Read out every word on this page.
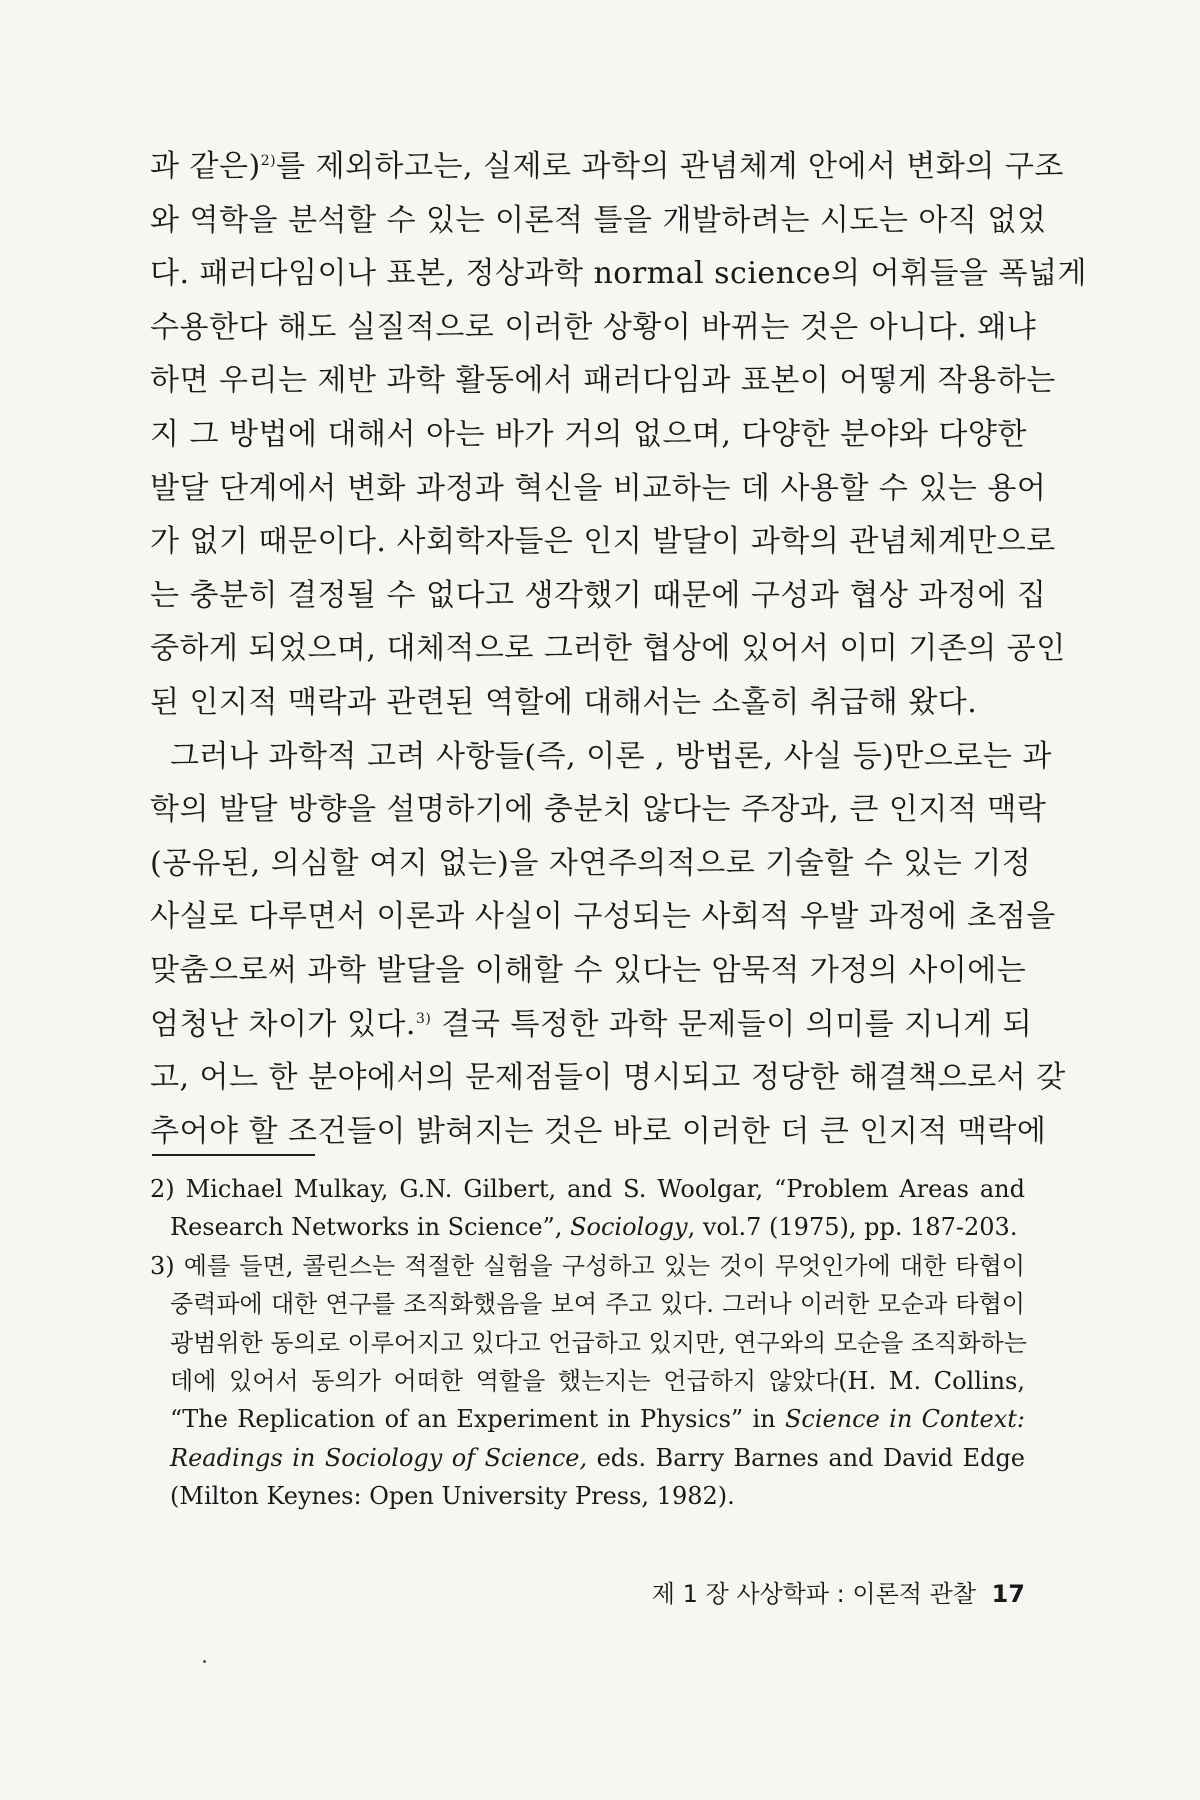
과 같은)$^{2)}$를 제외하고는, 실제로 과학의 관념체계 안에서 변화의 구조
와 역학을 분석할 수 있는 이론적 틀을 개발하려는 시도는 아직 없었
다. 패러다임이나 표본, 정상과학 normal science의 어휘들을 폭넓게
수용한다 해도 실질적으로 이러한 상황이 바뀌는 것은 아니다. 왜냐
하면 우리는 제반 과학 활동에서 패러다임과 표본이 어떻게 작용하는
지 그 방법에 대해서 아는 바가 거의 없으며, 다양한 분야와 다양한
발달 단계에서 변화 과정과 혁신을 비교하는 데 사용할 수 있는 용어
가 없기 때문이다. 사회학자들은 인지 발달이 과학의 관념체계만으로
는 충분히 결정될 수 없다고 생각했기 때문에 구성과 협상 과정에 집
중하게 되었으며, 대체적으로 그러한 협상에 있어서 이미 기존의 공인
된 인지적 맥락과 관련된 역할에 대해서는 소홀히 취급해 왔다.
그러나 과학적 고려 사항들(즉, 이론 , 방법론, 사실 등)만으로는 과
학의 발달 방향을 설명하기에 충분치 않다는 주장과, 큰 인지적 맥락
(공유된, 의심할 여지 없는)을 자연주의적으로 기술할 수 있는 기정
사실로 다루면서 이론과 사실이 구성되는 사회적 우발 과정에 초점을
맞춤으로써 과학 발달을 이해할 수 있다는 암묵적 가정의 사이에는
엄청난 차이가 있다.$^{3)}$ 결국 특정한 과학 문제들이 의미를 지니게 되
고, 어느 한 분야에서의 문제점들이 명시되고 정당한 해결책으로서 갖
추어야 할 조건들이 밝혀지는 것은 바로 이러한 더 큰 인지적 맥락에
2) Michael Mulkay, G.N. Gilbert, and S. Woolgar, “Problem Areas and
Research Networks in Science”, Sociology, vol.7 (1975), pp. 187-203.
3) 예를 들면, 콜린스는 적절한 실험을 구성하고 있는 것이 무엇인가에 대한 타협이
중력파에 대한 연구를 조직화했음을 보여 주고 있다. 그러나 이러한 모순과 타협이
광범위한 동의로 이루어지고 있다고 언급하고 있지만, 연구와의 모순을 조직화하는
데에 있어서 동의가 어떠한 역할을 했는지는 언급하지 않았다(H. M. Collins,
“The Replication of an Experiment in Physics” in Science in Context:
Readings in Sociology of Science, eds. Barry Barnes and David Edge
(Milton Keynes: Open University Press, 1982).
제 1 장 사상학파 : 이론적 관찰 17
